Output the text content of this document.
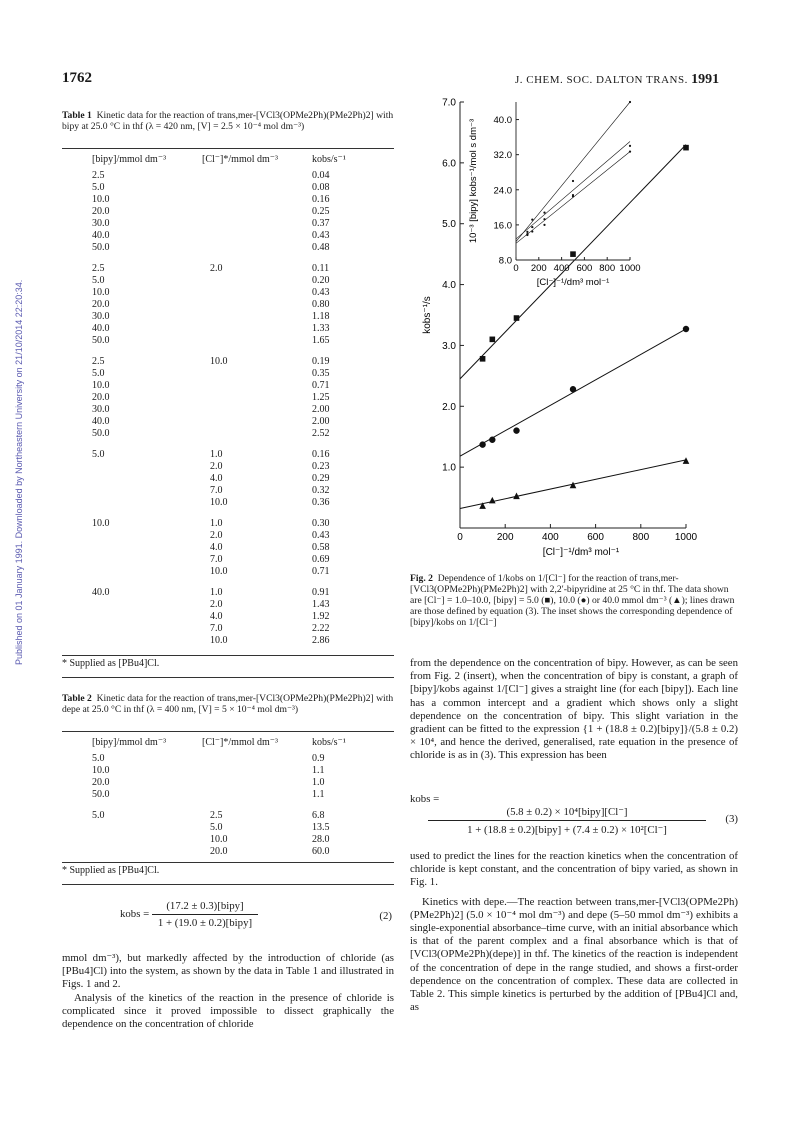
Published on 01 January 1991. Downloaded by Northeastern University on 21/10/2014 22:20:34.
1762	J. CHEM. SOC. DALTON TRANS. 1991
Table 1 Kinetic data for the reaction of trans,mer-[VCl3(OPMe2Ph)(PMe2Ph)2] with bipy at 25.0 °C in thf (λ = 420 nm, [V] = 2.5 × 10⁻⁴ mol dm⁻³)
[bipy]/mmol dm⁻³	[Cl⁻]*/mmol dm⁻³	kobs/s⁻¹
2.5		0.04
5.0		0.08
10.0		0.16
20.0		0.25
30.0		0.37
40.0		0.43
50.0		0.48
2.5	2.0	0.11
5.0		0.20
10.0		0.43
20.0		0.80
30.0		1.18
40.0		1.33
50.0		1.65
2.5	10.0	0.19
5.0		0.35
10.0		0.71
20.0		1.25
30.0		2.00
40.0		2.00
50.0		2.52
5.0	1.0	0.16
	2.0	0.23
	4.0	0.29
	7.0	0.32
	10.0	0.36
10.0	1.0	0.30
	2.0	0.43
	4.0	0.58
	7.0	0.69
	10.0	0.71
40.0	1.0	0.91
	2.0	1.43
	4.0	1.92
	7.0	2.22
	10.0	2.86
* Supplied as [PBu4]Cl.
Table 2 Kinetic data for the reaction of trans,mer-[VCl3(OPMe2Ph)(PMe2Ph)2] with depe at 25.0 °C in thf (λ = 400 nm, [V] = 5 × 10⁻⁴ mol dm⁻³)
[bipy]/mmol dm⁻³	[Cl⁻]*/mmol dm⁻³	kobs/s⁻¹
5.0		0.9
10.0		1.1
20.0		1.0
50.0		1.1
5.0	2.5	6.8
	5.0	13.5
	10.0	28.0
	20.0	60.0
* Supplied as [PBu4]Cl.
kobs = $\frac{\text{(17.2 ± 0.3)[bipy]}}{\text{1 + (19.0 ± 0.2)[bipy]}}$	(2)
mmol dm⁻³), but markedly affected by the introduction of chloride (as [PBu4]Cl) into the system, as shown by the data in Table 1 and illustrated in Figs. 1 and 2.
Analysis of the kinetics of the reaction in the presence of chloride is complicated since it proved impossible to dissect graphically the dependence on the concentration of chloride
0	200	400	600	800	1000
1.0
2.0
3.0
4.0
5.0
6.0
7.0
[Cl⁻]⁻¹/dm³ mol⁻¹
kobs⁻¹/s
0 200 400 600 800 1000
8.0
16.0
24.0
32.0
40.0
[Cl⁻]⁻¹/dm³ mol⁻¹
10⁻³ [bipy] kobs⁻¹/mol s dm⁻³
Fig. 2 Dependence of 1/kobs on 1/[Cl⁻] for the reaction of trans,mer-[VCl3(OPMe2Ph)(PMe2Ph)2] with 2,2′-bipyridine at 25 °C in thf. The data shown are [Cl⁻] = 1.0–10.0, [bipy] = 5.0 (■), 10.0 (●) or 40.0 mmol dm⁻³ (▲); lines drawn are those defined by equation (3). The inset shows the corresponding dependence of [bipy]/kobs on 1/[Cl⁻]
from the dependence on the concentration of bipy. However, as can be seen from Fig. 2 (insert), when the concentration of bipy is constant, a graph of [bipy]/kobs against 1/[Cl⁻] gives a straight line (for each [bipy]). Each line has a common intercept and a gradient which shows only a slight dependence on the concentration of bipy. This slight variation in the gradient can be fitted to the expression {1 + (18.8 ± 0.2)[bipy]}/(5.8 ± 0.2) × 10⁴, and hence the derived, generalised, rate equation in the presence of chloride is as in (3). This expression has been
kobs =
(5.8 ± 0.2) × 10⁴[bipy][Cl⁻]
1 + (18.8 ± 0.2)[bipy] + (7.4 ± 0.2) × 10²[Cl⁻]
(3)
used to predict the lines for the reaction kinetics when the concentration of chloride is kept constant, and the concentration of bipy varied, as shown in Fig. 1.
Kinetics with depe.—The reaction between trans,mer-[VCl3(OPMe2Ph)(PMe2Ph)2] (5.0 × 10⁻⁴ mol dm⁻³) and depe (5–50 mmol dm⁻³) exhibits a single-exponential absorbance–time curve, with an initial absorbance which is that of the parent complex and a final absorbance which is that of [VCl3(OPMe2Ph)(depe)] in thf. The kinetics of the reaction is independent of the concentration of depe in the range studied, and shows a first-order dependence on the concentration of complex. These data are collected in Table 2. This simple kinetics is perturbed by the addition of [PBu4]Cl and, as
